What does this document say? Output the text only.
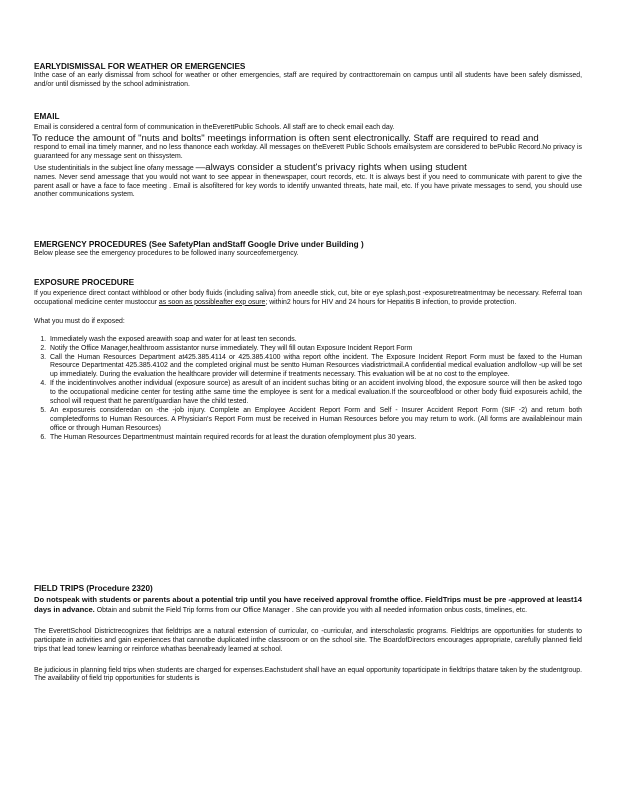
EARLYDISMISSAL FOR WEATHER OR EMERGENCIES

Inthe case of an early dismissal from school for weather or other emergencies, staff are required by contracttoremain on campus until all students have been safely dismissed, and/or until dismissed by the school administration.

EMAIL

Email is considered a central form of communication in theEverettPublic Schools. All staff are to check email each day.

To reduce the amount of "nuts and bolts" meetings information is often sent electronically. Staff are required to read and

respond to email ina timely manner, and no less thanonce each workday. All messages on theEverett Public Schools emailsystem are considered to bePublic Record.No privacy is guaranteed for any message sent on thissystem.

Use studentinitials in the subject line ofany message —always consider a student's privacy rights when using student

names. Never send amessage that you would not want to see appear in thenewspaper, court records, etc. It is always best if you need to communicate with parent to give the parent asall or have a face to face meeting . Email is alsofiltered for key words to identify unwanted threats, hate mail, etc. If you have private messages to send, you should use another communications system.

EMERGENCY PROCEDURES (See SafetyPlan andStaff Google Drive under Building )

Below please see the emergency procedures to be followed inany sourceofemergency.

EXPOSURE PROCEDURE

If you experience direct contact withblood or other body fluids (including saliva) from aneedle stick, cut, bite or eye splash,post -exposuretreatmentmay be necessary. Referral toan occupational medicine center mustoccur as soon as possibleafter exp osure; within2 hours for HIV and 24 hours for Hepatitis B infection, to provide protection.

What you must do if exposed:

1. Immediately wash the exposed areawith soap and water for at least ten seconds.
2. Notify the Office Manager,healthroom assistantor nurse immediately. They will fill outan Exposure Incident Report Form
3. Call the Human Resources Department at425.385.4114 or 425.385.4100 witha report ofthe incident. The Exposure Incident Report Form must be faxed to the Human Resource Departmentat 425.385.4102 and the completed original must be sentto Human Resources viadistrictmail.A confidential medical evaluation andfollow -up will be set up immediately. During the evaluation the healthcare provider will determine if treatments necessary. This evaluation will be at no cost to the employee.
4. If the incidentinvolves another individual (exposure source) as aresult of an incident suchas biting or an accident involving blood, the exposure source will then be asked togo to the occupational medicine center for testing atthe same time the employee is sent for a medical evaluation.If the sourceofblood or other body fluid exposureis achild, the school will request thatt he parent/guardian have the child tested.
5. An exposureis consideredan on -the -job injury. Complete an Employee Accident Report Form and Self - Insurer Accident Report Form (SIF -2) and return both completedforms to Human Resources. A Physician's Report Form must be received in Human Resources before you may return to work. (All forms are availableinour main office or through Human Resources)
6. The Human Resources Departmentmust maintain required records for at least the duration ofemployment plus 30 years.

FIELD TRIPS (Procedure 2320)

Do notspeak with students or parents about a potential trip until you have received approval fromthe office. FieldTrips must be pre -approved at least14 days in advance. Obtain and submit the Field Trip forms from our Office Manager . She can provide you with all needed information onbus costs, timelines, etc.

The EverettSchool Districtrecognizes that fieldtrips are a natural extension of curricular, co -curricular, and interscholastic programs. Fieldtrips are opportunities for students to participate in activities and gain experiences that cannotbe duplicated inthe classroom or on the school site. The BoardofDirectors encourages appropriate, carefully planned field trips that lead tonew learning or reinforce whathas beenalready learned at school.

Be judicious in planning field trips when students are charged for expenses.Eachstudent shall have an equal opportunity toparticipate in fieldtrips thatare taken by the studentgroup. The availability of field trip opportunities for students is
